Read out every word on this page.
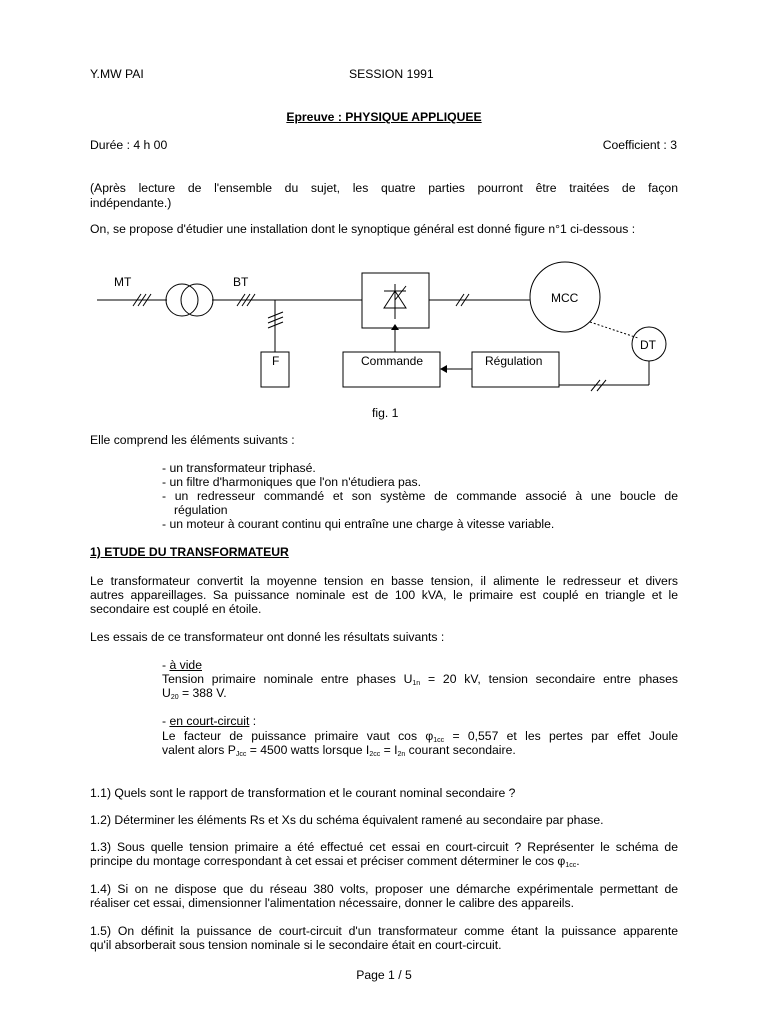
Y.MW PAI	SESSION 1991
Epreuve : PHYSIQUE APPLIQUEE
Durée : 4 h 00	Coefficient : 3
(Après lecture de l'ensemble du sujet, les quatre parties pourront être traitées de façon
indépendante.)
On, se propose d'étudier une installation dont le synoptique général est donné figure n°1 ci-dessous :
MT	BT
MCC
DT
F	Commande	Régulation
fig. 1
Elle comprend les éléments suivants :
- un transformateur triphasé.
- un filtre d'harmoniques que l'on n'étudiera pas.
- un redresseur commandé et son système de commande associé à une boucle de
régulation
- un moteur à courant continu qui entraîne une charge à vitesse variable.
1) ETUDE DU TRANSFORMATEUR
Le transformateur convertit la moyenne tension en basse tension, il alimente le redresseur et divers
autres appareillages. Sa puissance nominale est de 100 kVA, le primaire est couplé en triangle et le
secondaire est couplé en étoile.
Les essais de ce transformateur ont donné les résultats suivants :
- à vide
Tension primaire nominale entre phases $U_{1n} = 20$ kV, tension secondaire entre phases
$U_{20} = 388$ V.
- en court-circuit :
Le facteur de puissance primaire vaut $\cos \varphi_{1cc} = 0,557$ et les pertes par effet Joule
valent alors $P_{Jcc} = 4500$ watts lorsque $I_{2cc} = I_{2n}$ courant secondaire.
1.1) Quels sont le rapport de transformation et le courant nominal secondaire ?
1.2) Déterminer les éléments Rs et Xs du schéma équivalent ramené au secondaire par phase.
1.3) Sous quelle tension primaire a été effectué cet essai en court-circuit ? Représenter le schéma de
principe du montage correspondant à cet essai et préciser comment déterminer le $\cos \varphi_{1cc}$.
1.4) Si on ne dispose que du réseau 380 volts, proposer une démarche expérimentale permettant de
réaliser cet essai, dimensionner l'alimentation nécessaire, donner le calibre des appareils.
1.5) On définit la puissance de court-circuit d'un transformateur comme étant la puissance apparente
qu'il absorberait sous tension nominale si le secondaire était en court-circuit.
Page 1 / 5
